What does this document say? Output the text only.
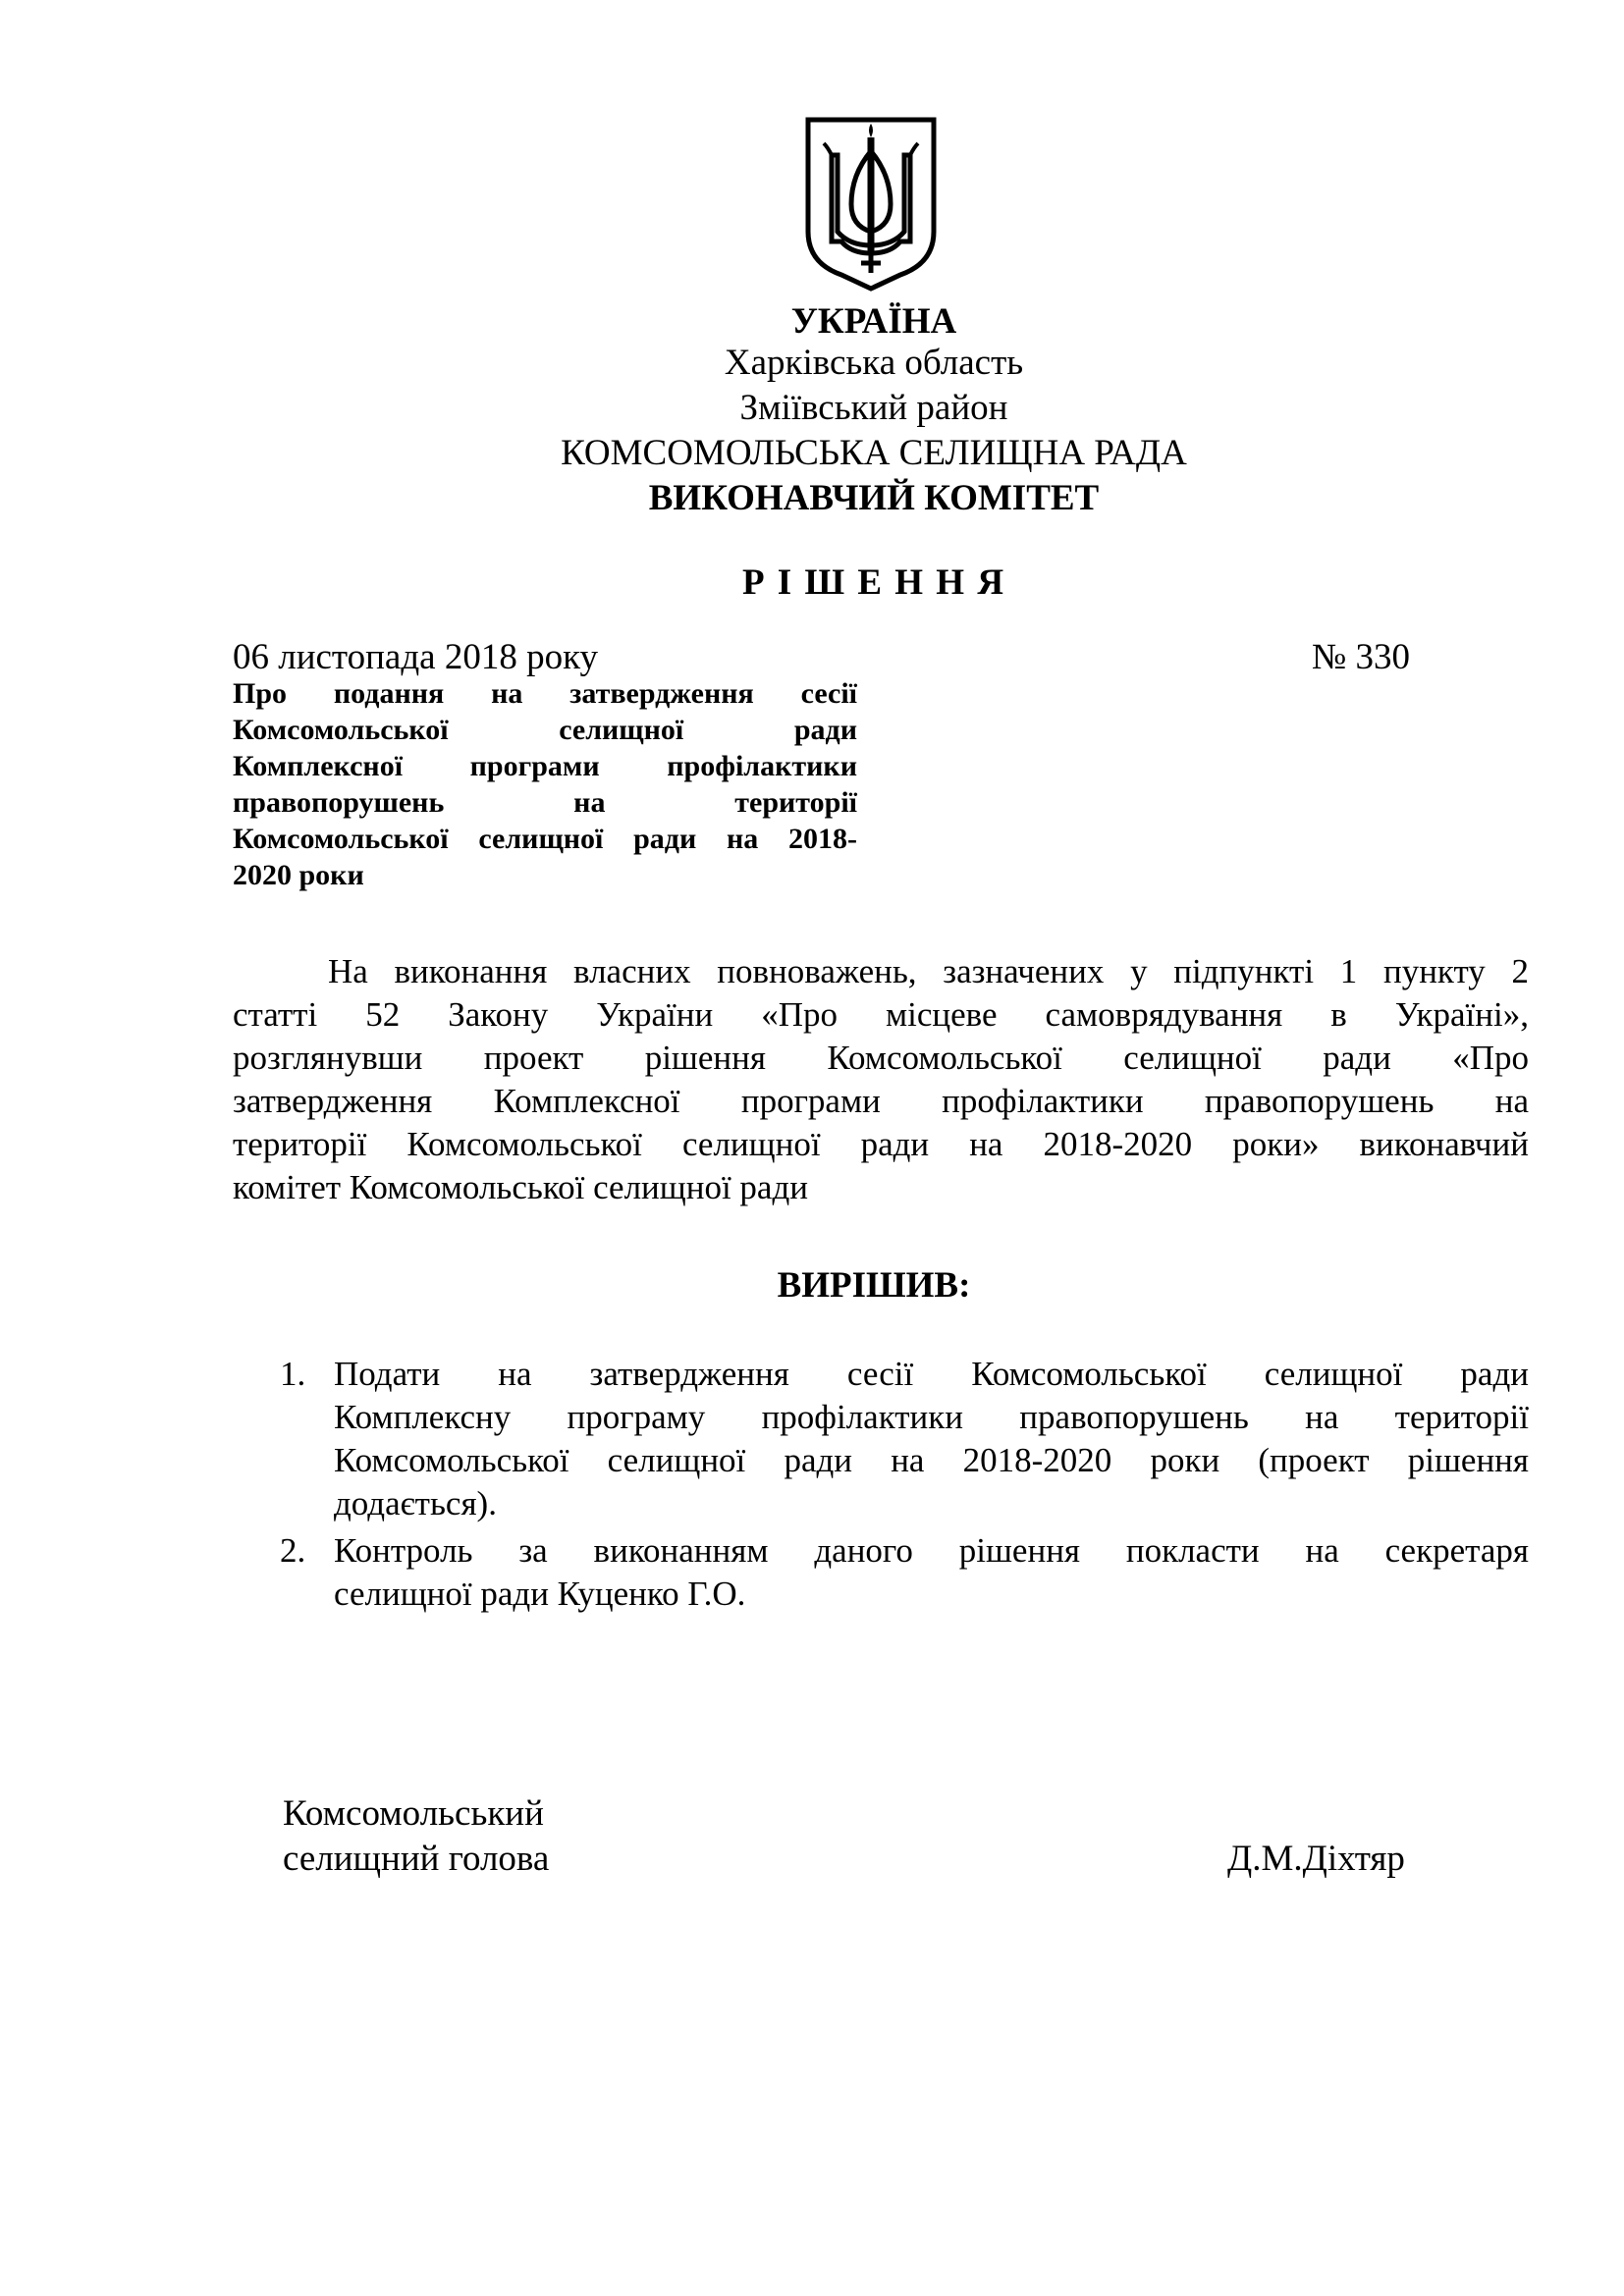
УКРАЇНА
Харківська область
Зміївський район
КОМСОМОЛЬСЬКА СЕЛИЩНА РАДА
ВИКОНАВЧИЙ КОМІТЕТ
Р І Ш Е Н Н Я
06 листопада 2018 року	№ 330
Про подання на затвердження сесії
Комсомольської селищної ради
Комплексної програми профілактики
правопорушень на території
Комсомольської селищної ради на 2018-
2020 роки
На виконання власних повноважень, зазначених у підпункті 1 пункту 2
статті 52 Закону України «Про місцеве самоврядування в Україні»,
розглянувши проект рішення Комсомольської селищної ради «Про
затвердження Комплексної програми профілактики правопорушень на
території Комсомольської селищної ради на 2018-2020 роки» виконавчий
комітет Комсомольської селищної ради
ВИРІШИВ:
1. Подати на затвердження сесії Комсомольської селищної ради
Комплексну програму профілактики правопорушень на території
Комсомольської селищної ради на 2018-2020 роки (проект рішення
додається).
2. Контроль за виконанням даного рішення покласти на секретаря
селищної ради Куценко Г.О.
Комсомольський
селищний голова	Д.М.Діхтяр
